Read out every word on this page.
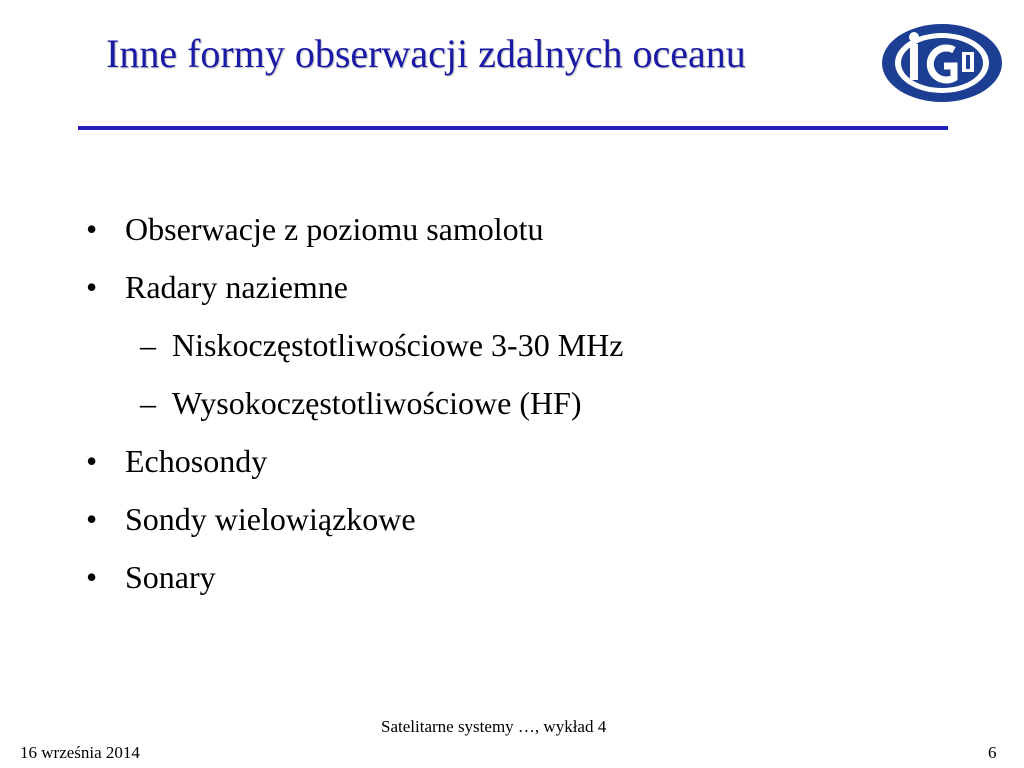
Inne formy obserwacji zdalnych oceanu
• Obserwacje z poziomu samolotu
• Radary naziemne
– Niskoczęstotliwościowe 3-30 MHz
– Wysokoczęstotliwościowe (HF)
• Echosondy
• Sondy wielowiązkowe
• Sonary
Satelitarne systemy …, wykład 4
16 września 2014	6
